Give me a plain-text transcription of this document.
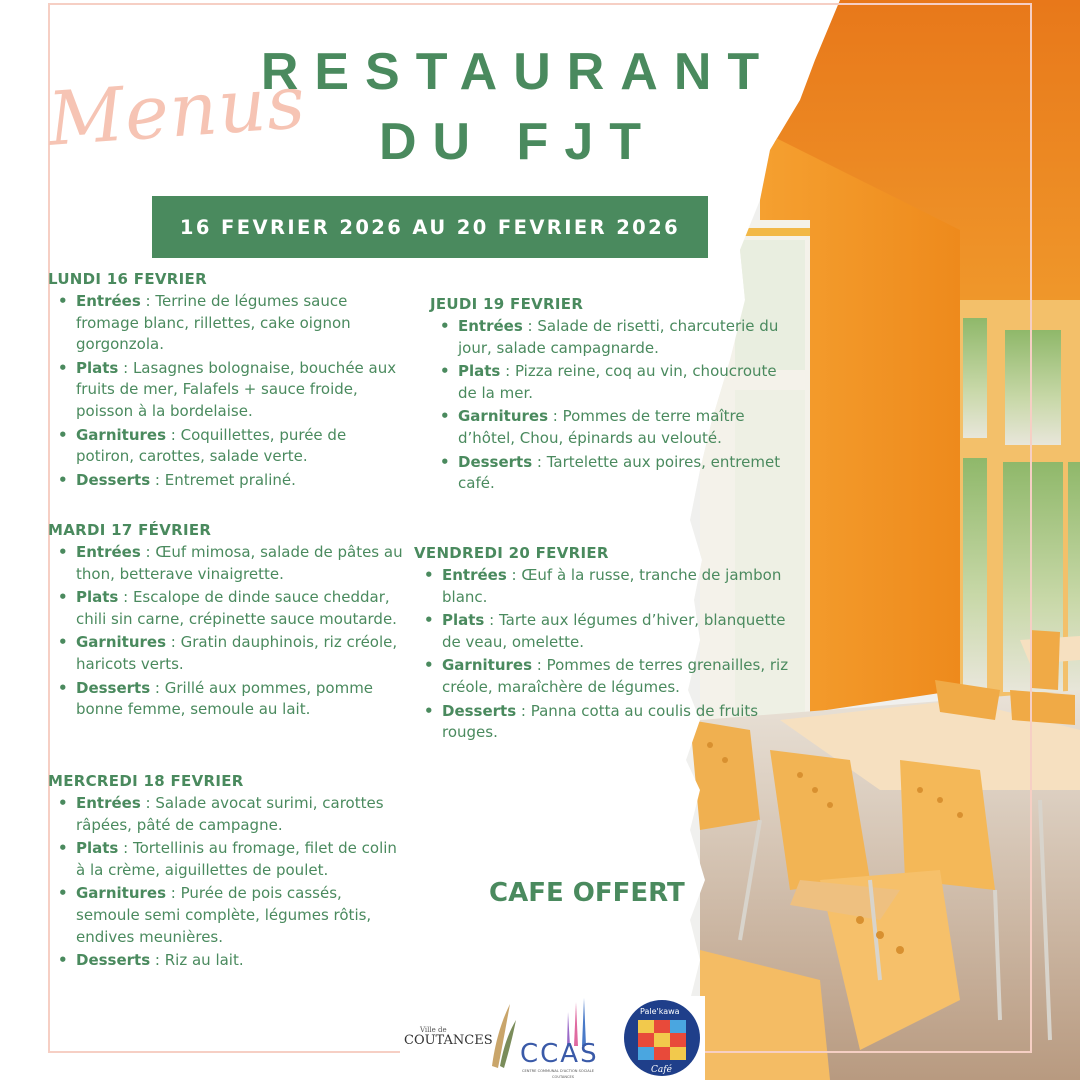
Menus
RESTAURANT
DU FJT
16 FEVRIER 2026 AU 20 FEVRIER 2026
LUNDI 16 FEVRIER
• Entrées : Terrine de légumes sauce fromage blanc, rillettes, cake oignon gorgonzola.
• Plats : Lasagnes bolognaise, bouchée aux fruits de mer, Falafels + sauce froide, poisson à la bordelaise.
• Garnitures : Coquillettes, purée de potiron, carottes, salade verte.
• Desserts : Entremet praliné.
MARDI 17 FÉVRIER
• Entrées : Œuf mimosa, salade de pâtes au thon, betterave vinaigrette.
• Plats : Escalope de dinde sauce cheddar, chili sin carne, crépinette sauce moutarde.
• Garnitures : Gratin dauphinois, riz créole, haricots verts.
• Desserts : Grillé aux pommes, pomme bonne femme, semoule au lait.
MERCREDI 18 FEVRIER
• Entrées : Salade avocat surimi, carottes râpées, pâté de campagne.
• Plats : Tortellinis au fromage, filet de colin à la crème, aiguillettes de poulet.
• Garnitures : Purée de pois cassés, semoule semi complète, légumes rôtis, endives meunières.
• Desserts : Riz au lait.
JEUDI 19 FEVRIER
• Entrées : Salade de risetti, charcuterie du jour, salade campagnarde.
• Plats : Pizza reine, coq au vin, choucroute de la mer.
• Garnitures : Pommes de terre maître d’hôtel, Chou, épinards au velouté.
• Desserts : Tartelette aux poires, entremet café.
VENDREDI 20 FEVRIER
• Entrées : Œuf à la russe, tranche de jambon blanc.
• Plats : Tarte aux légumes d’hiver, blanquette de veau, omelette.
• Garnitures : Pommes de terres grenailles, riz créole, maraîchère de légumes.
• Desserts : Panna cotta au coulis de fruits rouges.
CAFE OFFERT
Ville de
COUTANCES CCAS
CENTRE COMMUNAL D'ACTION SOCIALE
COUTANCES
Pale'kawa
Café
